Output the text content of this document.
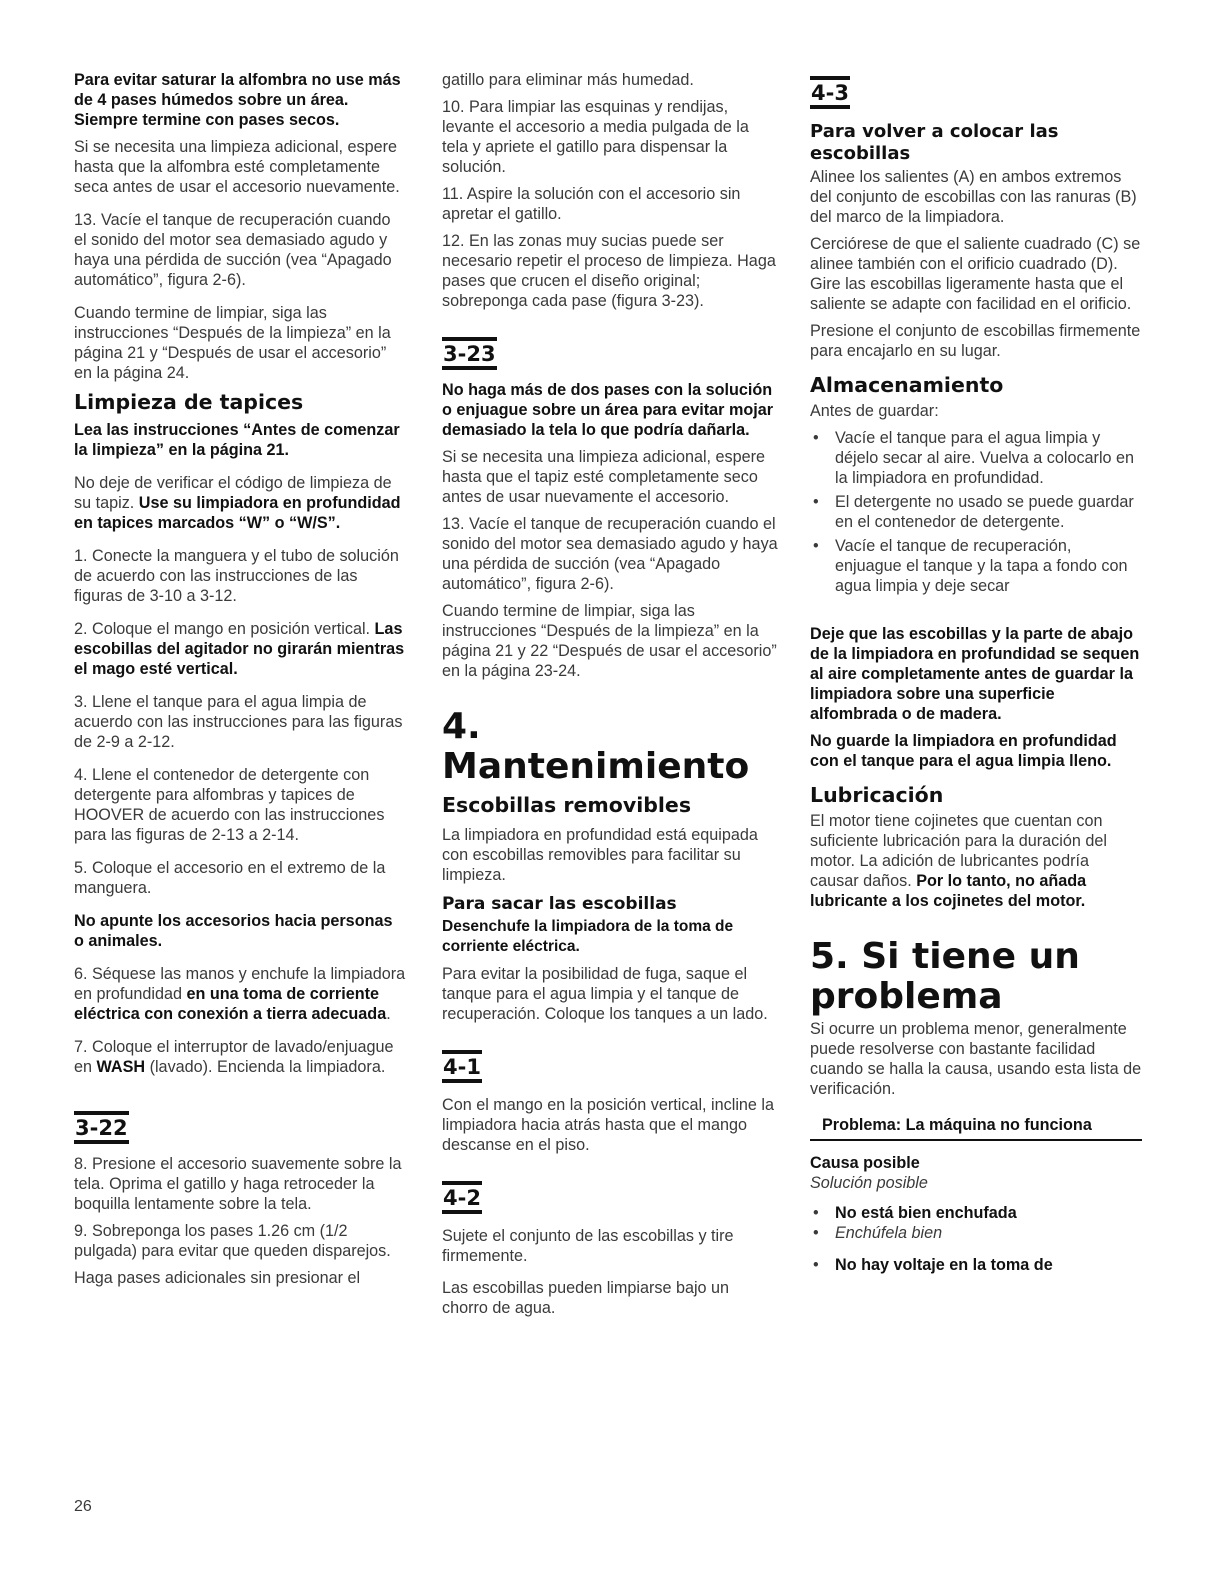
Para evitar saturar la alfombra no use más de 4 pases húmedos sobre un área. Siempre termine con pases secos.

Si se necesita una limpieza adicional, espere hasta que la alfombra esté completamente seca antes de usar el accesorio nuevamente.

13. Vacíe el tanque de recuperación cuando el sonido del motor sea demasiado agudo y haya una pérdida de succión (vea “Apagado automático”, figura 2-6).

Cuando termine de limpiar, siga las instrucciones “Después de la limpieza” en la página 21 y “Después de usar el accesorio” en la página 24.

Limpieza de tapices

Lea las instrucciones “Antes de comenzar la limpieza” en la página 21.

No deje de verificar el código de limpieza de su tapiz. Use su limpiadora en profundidad en tapices marcados “W” o “W/S”.

1. Conecte la manguera y el tubo de solución de acuerdo con las instrucciones de las figuras de 3-10 a 3-12.

2. Coloque el mango en posición vertical. Las escobillas del agitador no girarán mientras el mago esté vertical.

3. Llene el tanque para el agua limpia de acuerdo con las instrucciones para las figuras de 2-9 a 2-12.

4. Llene el contenedor de detergente con detergente para alfombras y tapices de HOOVER de acuerdo con las instrucciones para las figuras de 2-13 a 2-14.

5. Coloque el accesorio en el extremo de la manguera.

No apunte los accesorios hacia personas o animales.

6. Séquese las manos y enchufe la limpiadora en profundidad en una toma de corriente eléctrica con conexión a tierra adecuada.

7. Coloque el interruptor de lavado/enjuague en WASH (lavado). Encienda la limpiadora.

3-22

8. Presione el accesorio suavemente sobre la tela. Oprima el gatillo y haga retroceder la boquilla lentamente sobre la tela.

9. Sobreponga los pases 1.26 cm (1/2 pulgada) para evitar que queden disparejos.

Haga pases adicionales sin presionar el

gatillo para eliminar más humedad.

10. Para limpiar las esquinas y rendijas, levante el accesorio a media pulgada de la tela y apriete el gatillo para dispensar la solución.

11. Aspire la solución con el accesorio sin apretar el gatillo.

12. En las zonas muy sucias puede ser necesario repetir el proceso de limpieza. Haga pases que crucen el diseño original; sobreponga cada pase (figura 3-23).

3-23

No haga más de dos pases con la solución o enjuague sobre un área para evitar mojar demasiado la tela lo que podría dañarla.

Si se necesita una limpieza adicional, espere hasta que el tapiz esté completamente seco antes de usar nuevamente el accesorio.

13. Vacíe el tanque de recuperación cuando el sonido del motor sea demasiado agudo y haya una pérdida de succión (vea “Apagado automático”, figura 2-6).

Cuando termine de limpiar, siga las instrucciones “Después de la limpieza” en la página 21 y 22 “Después de usar el accesorio” en la página 23-24.

4. Mantenimiento
Escobillas removibles

La limpiadora en profundidad está equipada con escobillas removibles para facilitar su limpieza.

Para sacar las escobillas

Desenchufe la limpiadora de la toma de corriente eléctrica.

Para evitar la posibilidad de fuga, saque el tanque para el agua limpia y el tanque de recuperación. Coloque los tanques a un lado.

4-1

Con el mango en la posición vertical, incline la limpiadora hacia atrás hasta que el mango descanse en el piso.

4-2

Sujete el conjunto de las escobillas y tire firmemente.

Las escobillas pueden limpiarse bajo un chorro de agua.

4-3
Para volver a colocar las escobillas

Alinee los salientes (A) en ambos extremos del conjunto de escobillas con las ranuras (B) del marco de la limpiadora.

Cerciórese de que el saliente cuadrado (C) se alinee también con el orificio cuadrado (D). Gire las escobillas ligeramente hasta que el saliente se adapte con facilidad en el orificio.

Presione el conjunto de escobillas firmemente para encajarlo en su lugar.

Almacenamiento

Antes de guardar:

• Vacíe el tanque para el agua limpia y déjelo secar al aire. Vuelva a colocarlo en la limpiadora en profundidad.
• El detergente no usado se puede guardar en el contenedor de detergente.
• Vacíe el tanque de recuperación, enjuague el tanque y la tapa a fondo con agua limpia y deje secar

Deje que las escobillas y la parte de abajo de la limpiadora en profundidad se sequen al aire completamente antes de guardar la limpiadora sobre una superficie alfombrada o de madera.

No guarde la limpiadora en profundidad con el tanque para el agua limpia lleno.

Lubricación

El motor tiene cojinetes que cuentan con suficiente lubricación para la duración del motor. La adición de lubricantes podría causar daños. Por lo tanto, no añada lubricante a los cojinetes del motor.

5. Si tiene un problema

Si ocurre un problema menor, generalmente puede resolverse con bastante facilidad cuando se halla la causa, usando esta lista de verificación.

Problema: La máquina no funciona

Causa posible

Solución posible

• No está bien enchufada
• Enchúfela bien
• No hay voltaje en la toma de
26
